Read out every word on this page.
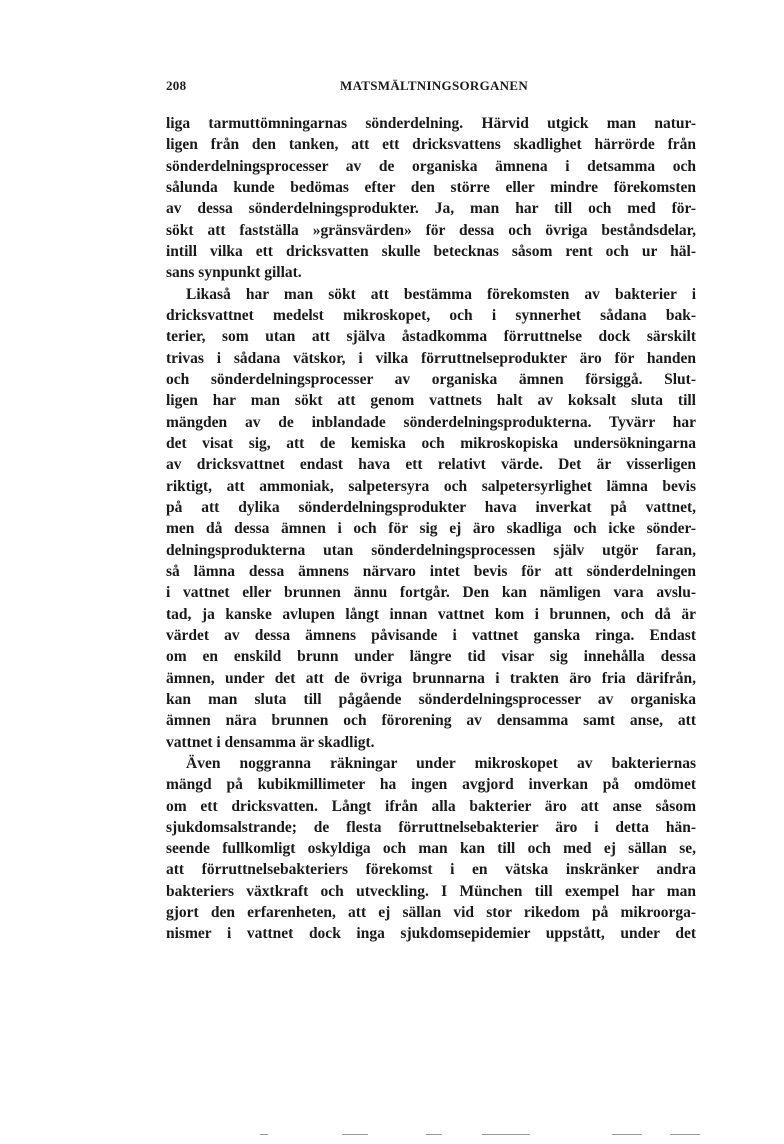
208	MATSMÄLTNINGSORGANEN
liga tarmuttömningarnas sönderdelning. Härvid utgick man natur-
ligen från den tanken, att ett dricksvattens skadlighet härrörde från
sönderdelningsprocesser av de organiska ämnena i detsamma och
sålunda kunde bedömas efter den större eller mindre förekomsten
av dessa sönderdelningsprodukter. Ja, man har till och med för-
sökt att fastställa »gränsvärden» för dessa och övriga beståndsdelar,
intill vilka ett dricksvatten skulle betecknas såsom rent och ur häl-
sans synpunkt gillat.
Likaså har man sökt att bestämma förekomsten av bakterier i
dricksvattnet medelst mikroskopet, och i synnerhet sådana bak-
terier, som utan att själva åstadkomma förruttnelse dock särskilt
trivas i sådana vätskor, i vilka förruttnelseprodukter äro för handen
och sönderdelningsprocesser av organiska ämnen försiggå. Slut-
ligen har man sökt att genom vattnets halt av koksalt sluta till
mängden av de inblandade sönderdelningsprodukterna. Tyvärr har
det visat sig, att de kemiska och mikroskopiska undersökningarna
av dricksvattnet endast hava ett relativt värde. Det är visserligen
riktigt, att ammoniak, salpetersyra och salpetersyrlighet lämna bevis
på att dylika sönderdelningsprodukter hava inverkat på vattnet,
men då dessa ämnen i och för sig ej äro skadliga och icke sönder-
delningsprodukterna utan sönderdelningsprocessen själv utgör faran,
så lämna dessa ämnens närvaro intet bevis för att sönderdelningen
i vattnet eller brunnen ännu fortgår. Den kan nämligen vara avslu-
tad, ja kanske avlupen långt innan vattnet kom i brunnen, och då är
värdet av dessa ämnens påvisande i vattnet ganska ringa. Endast
om en enskild brunn under längre tid visar sig innehålla dessa
ämnen, under det att de övriga brunnarna i trakten äro fria därifrån,
kan man sluta till pågående sönderdelningsprocesser av organiska
ämnen nära brunnen och förorening av densamma samt anse, att
vattnet i densamma är skadligt.
Även noggranna räkningar under mikroskopet av bakteriernas
mängd på kubikmillimeter ha ingen avgjord inverkan på omdömet
om ett dricksvatten. Långt ifrån alla bakterier äro att anse såsom
sjukdomsalstrande; de flesta förruttnelsebakterier äro i detta hän-
seende fullkomligt oskyldiga och man kan till och med ej sällan se,
att förruttnelsebakteriers förekomst i en vätska inskränker andra
bakteriers växtkraft och utveckling. I München till exempel har man
gjort den erfarenheten, att ej sällan vid stor rikedom på mikroorga-
nismer i vattnet dock inga sjukdomsepidemier uppstått, under det
